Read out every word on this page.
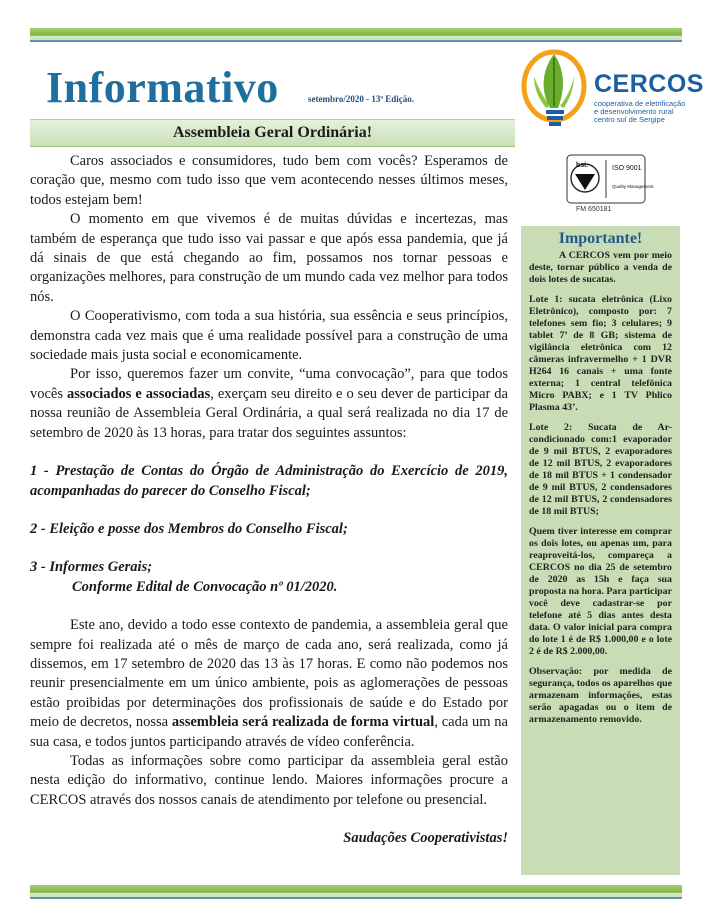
Informativo	setembro/2020 - 13ª Edição.
CERCOS
cooperativa de eletrificação e desenvolvimento rural centro sul de Sergipe
bsi.	ISO 9001
Quality Management
FM 650181
Assembleia Geral Ordinária!

Caros associados e consumidores, tudo bem com vocês? Esperamos de coração que, mesmo com tudo isso que vem acontecendo nesses últimos meses, todos estejam bem!

O momento em que vivemos é de muitas dúvidas e incertezas, mas também de esperança que tudo isso vai passar e que após essa pandemia, que já dá sinais de que está chegando ao fim, possamos nos tornar pessoas e organizações melhores, para construção de um mundo cada vez melhor para todos nós.

O Cooperativismo, com toda a sua história, sua essência e seus princípios, demonstra cada vez mais que é uma realidade possível para a construção de uma sociedade mais justa social e economicamente.

Por isso, queremos fazer um convite, “uma convocação”, para que todos vocês associados e associadas, exerçam seu direito e o seu dever de participar da nossa reunião de Assembleia Geral Ordinária, a qual será realizada no dia 17 de setembro de 2020 às 13 horas, para tratar dos seguintes assuntos:

1 - Prestação de Contas do Órgão de Administração do Exercício de 2019, acompanhadas do parecer do Conselho Fiscal;

2 - Eleição e posse dos Membros do Conselho Fiscal;

3 - Informes Gerais;

Conforme Edital de Convocação nº 01/2020.

Este ano, devido a todo esse contexto de pandemia, a assembleia geral que sempre foi realizada até o mês de março de cada ano, será realizada, como já dissemos, em 17 setembro de 2020 das 13 às 17 horas. E como não podemos nos reunir presencialmente em um único ambiente, pois as aglomerações de pessoas estão proibidas por determinações dos profissionais de saúde e do Estado por meio de decretos, nossa assembleia será realizada de forma virtual, cada um na sua casa, e todos juntos participando através de vídeo conferência.

Todas as informações sobre como participar da assembleia geral estão nesta edição do informativo, continue lendo. Maiores informações procure a CERCOS através dos nossos canais de atendimento por telefone ou presencial.

Saudações Cooperativistas!

Importante!
A CERCOS vem por meio deste, tornar público a venda de dois lotes de sucatas.
Lote 1: sucata eletrônica (Lixo Eletrônico), composto por: 7 telefones sem fio; 3 celulares; 9 tablet 7’ de 8 GB; sistema de vigilância eletrônica com 12 câmeras infravermelho + 1 DVR H264 16 canais + uma fonte externa; 1 central telefônica Micro PABX; e 1 TV Phlico Plasma 43’.
Lote 2: Sucata de Ar-condicionado com:1 evaporador de 9 mil BTUS, 2 evaporadores de 12 mil BTUS, 2 evaporadores de 18 mil BTUS + 1 condensador de 9 mil BTUS, 2 condensadores de 12 mil BTUS, 2 condensadores de 18 mil BTUS;
Quem tiver interesse em comprar os dois lotes, ou apenas um, para reaproveitá-los, compareça a CERCOS no dia 25 de setembro de 2020 as 15h e faça sua proposta na hora. Para participar você deve cadastrar-se por telefone até 5 dias antes desta data. O valor inicial para compra do lote 1 é de R$ 1.000,00 e o lote 2 é de R$ 2.000,00.
Observação: por medida de segurança, todos os aparelhos que armazenam informações, estas serão apagadas ou o item de armazenamento removido.
